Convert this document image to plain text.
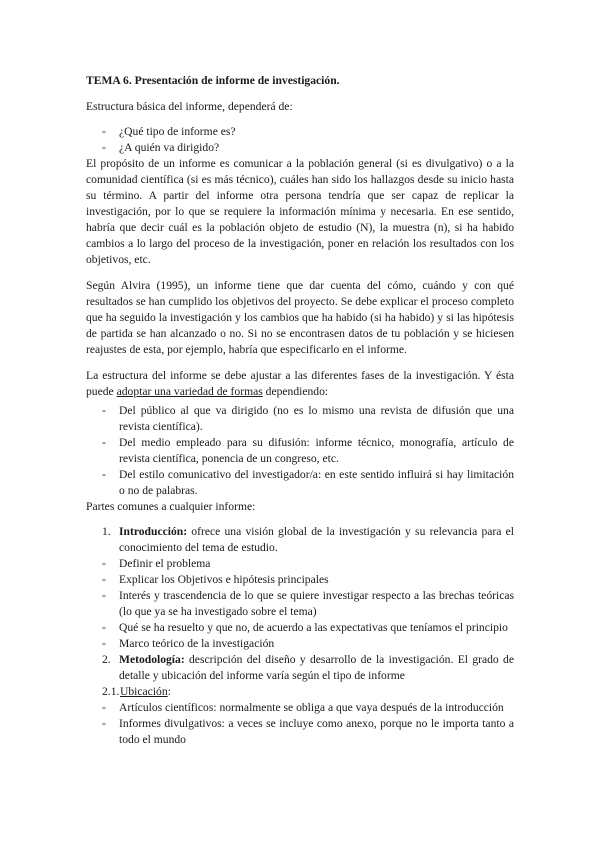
TEMA 6. Presentación de informe de investigación.

Estructura básica del informe, dependerá de:

- ¿Qué tipo de informe es?
- ¿A quién va dirigido?

El propósito de un informe es comunicar a la población general (si es divulgativo) o a la comunidad científica (si es más técnico), cuáles han sido los hallazgos desde su inicio hasta su término. A partir del informe otra persona tendría que ser capaz de replicar la investigación, por lo que se requiere la información mínima y necesaria. En ese sentido, habría que decir cuál es la población objeto de estudio (N), la muestra (n), si ha habido cambios a lo largo del proceso de la investigación, poner en relación los resultados con los objetivos, etc.

Según Alvira (1995), un informe tiene que dar cuenta del cómo, cuándo y con qué resultados se han cumplido los objetivos del proyecto. Se debe explicar el proceso completo que ha seguido la investigación y los cambios que ha habido (si ha habido) y si las hipótesis de partida se han alcanzado o no. Si no se encontrasen datos de tu población y se hiciesen reajustes de esta, por ejemplo, habría que especificarlo en el informe.

La estructura del informe se debe ajustar a las diferentes fases de la investigación. Y ésta puede adoptar una variedad de formas dependiendo:

- Del público al que va dirigido (no es lo mismo una revista de difusión que una revista científica).
- Del medio empleado para su difusión: informe técnico, monografía, artículo de revista científica, ponencia de un congreso, etc.
- Del estilo comunicativo del investigador/a: en este sentido influirá si hay limitación o no de palabras.

Partes comunes a cualquier informe:

1. Introducción: ofrece una visión global de la investigación y su relevancia para el conocimiento del tema de estudio.
- Definir el problema
- Explicar los Objetivos e hipótesis principales
- Interés y trascendencia de lo que se quiere investigar respecto a las brechas teóricas (lo que ya se ha investigado sobre el tema)
- Qué se ha resuelto y que no, de acuerdo a las expectativas que teníamos el principio
- Marco teórico de la investigación
2. Metodología: descripción del diseño y desarrollo de la investigación. El grado de detalle y ubicación del informe varía según el tipo de informe
2.1. Ubicación:
- Artículos científicos: normalmente se obliga a que vaya después de la introducción
- Informes divulgativos: a veces se incluye como anexo, porque no le importa tanto a todo el mundo
